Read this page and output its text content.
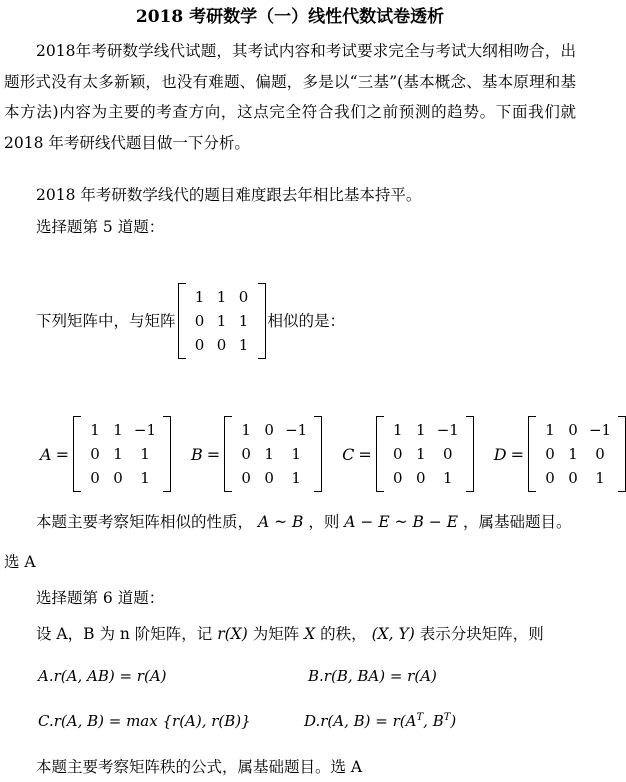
2018 考研数学（一）线性代数试卷透析

2018年考研数学线代试题，其考试内容和考试要求完全与考试大纲相吻合，出题形式没有太多新颖，也没有难题、偏题，多是以“三基”(基本概念、基本原理和基本方法)内容为主要的考查方向，这点完全符合我们之前预测的趋势。下面我们就 2018 年考研线代题目做一下分析。

2018 年考研数学线代的题目难度跟去年相比基本持平。
选择题第 5 道题：
下列矩阵中，与矩阵
1 1 0
0 1 1
0 0 1
相似的是：
A =
1 1 −1
0 1	1
0 0	1
B =
1 0 −1
0 1	1
0 0	1
C =
1 1 −1
0 1	0
0 0	1
D =
1 0 −1
0 1	0
0 0	1
本题主要考察矩阵相似的性质， A ~ B ，则 A − E ~ B − E ，属基础题目。
选 A
选择题第 6 道题：
设 A，B 为 n 阶矩阵，记 r(X) 为矩阵 X 的秩， (X, Y) 表示分块矩阵，则
A.r(A, AB) = r(A)	B.r(B, BA) = r(A)
C.r(A, B) = max {r(A), r(B)}	D.r(A, $B) = r(A^T$, $B^T$)
本题主要考察矩阵秩的公式，属基础题目。选 A
